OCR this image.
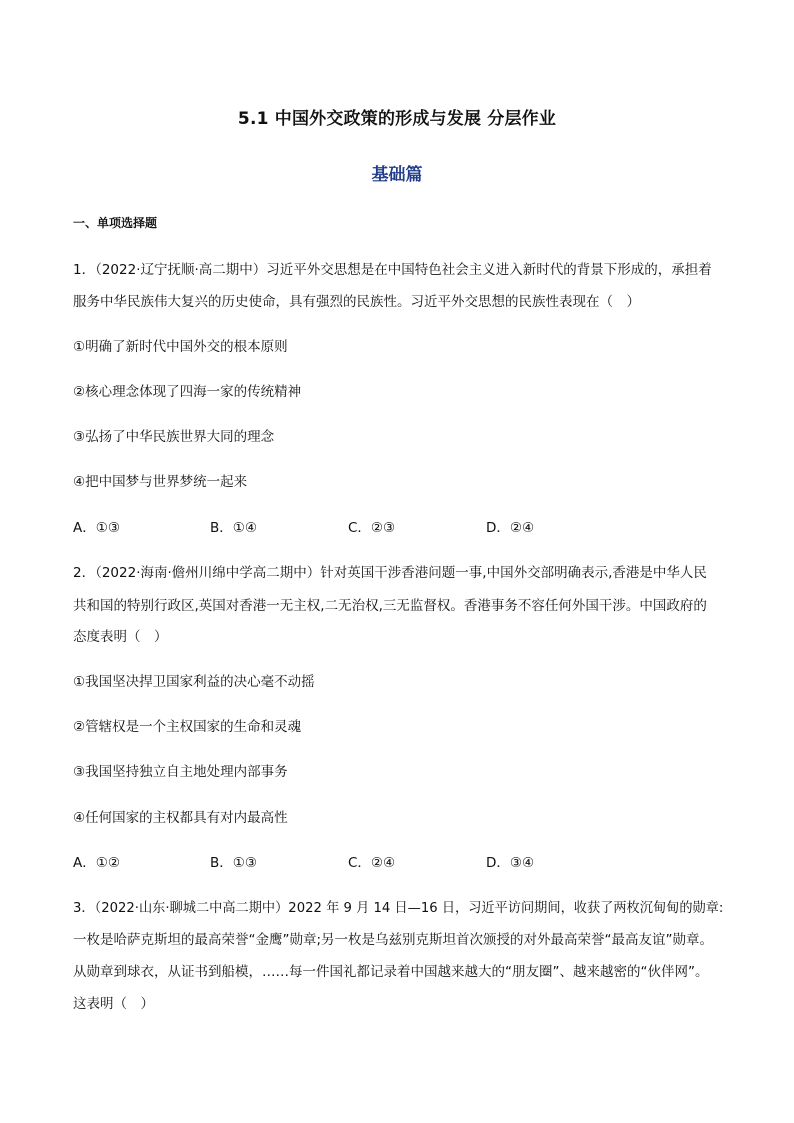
5.1 中国外交政策的形成与发展 分层作业
基础篇
一、单项选择题
1．（2022·辽宁抚顺·高二期中）习近平外交思想是在中国特色社会主义进入新时代的背景下形成的，承担着
服务中华民族伟大复兴的历史使命，具有强烈的民族性。习近平外交思想的民族性表现在（　）
①明确了新时代中国外交的根本原则
②核心理念体现了四海一家的传统精神
③弘扬了中华民族世界大同的理念
④把中国梦与世界梦统一起来
A．①③	B．①④	C．②③	D．②④
2．（2022·海南·儋州川绵中学高二期中）针对英国干涉香港问题一事,中国外交部明确表示,香港是中华人民
共和国的特别行政区,英国对香港一无主权,二无治权,三无监督权。香港事务不容任何外国干涉。中国政府的
态度表明（　）
①我国坚决捍卫国家利益的决心毫不动摇
②管辖权是一个主权国家的生命和灵魂
③我国坚持独立自主地处理内部事务
④任何国家的主权都具有对内最高性
A．①②	B．①③	C．②④	D．③④
3．（2022·山东·聊城二中高二期中）2022 年 9 月 14 日—16 日，习近平访问期间，收获了两枚沉甸甸的勋章:
一枚是哈萨克斯坦的最高荣誉“金鹰”勋章;另一枚是乌兹别克斯坦首次颁授的对外最高荣誉“最高友谊”勋章。
从勋章到球衣，从证书到船模，……每一件国礼都记录着中国越来越大的“朋友圈”、越来越密的“伙伴网”。
这表明（　）
